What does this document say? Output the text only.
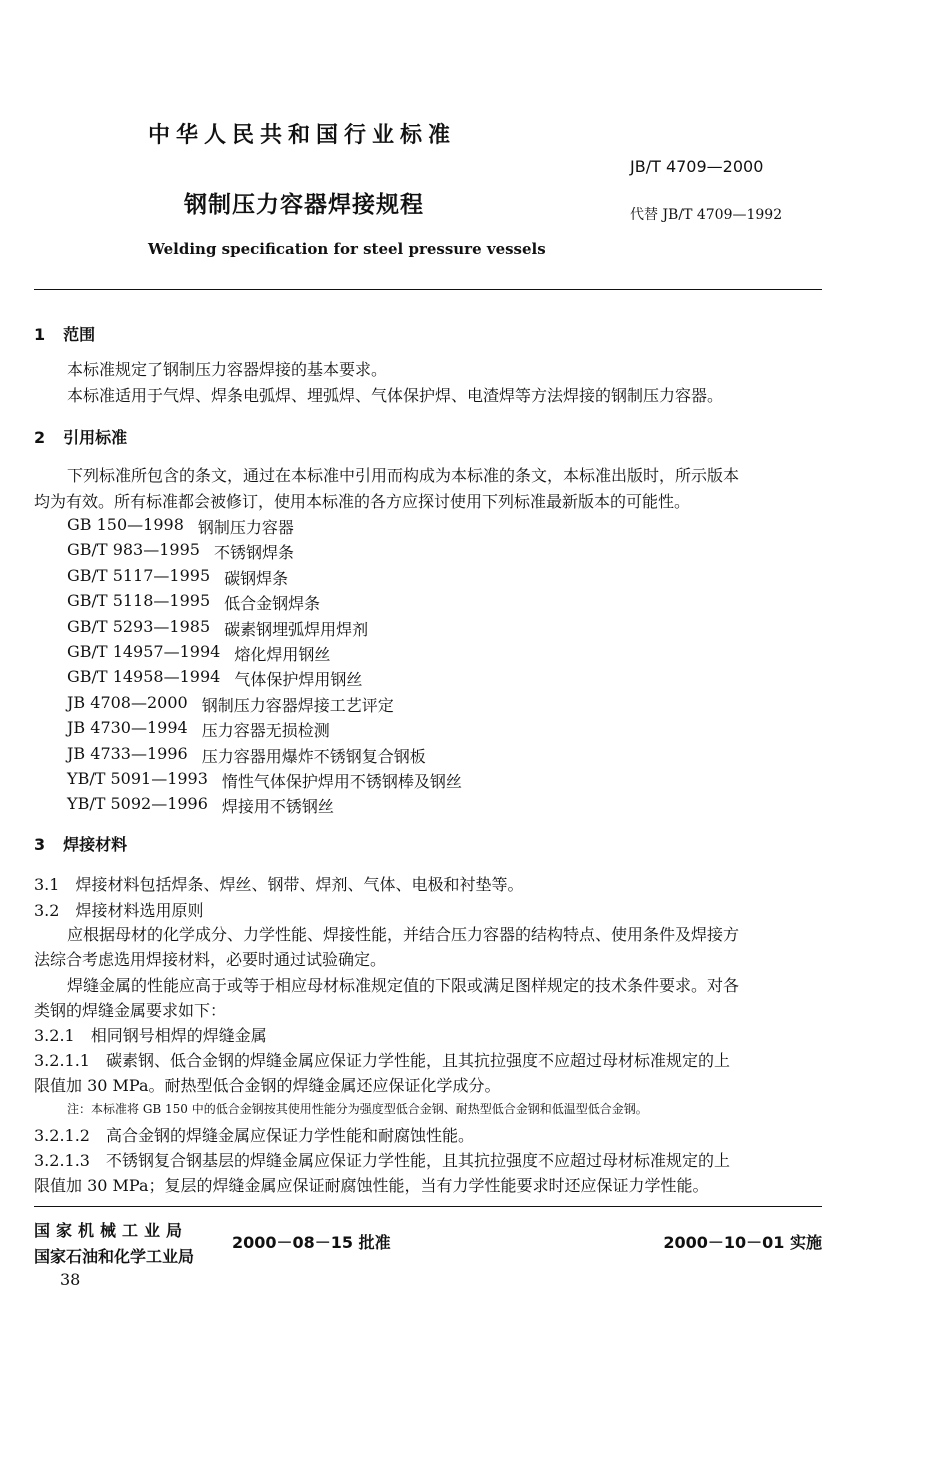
中华人民共和国行业标准
JB/T 4709—2000
钢制压力容器焊接规程	代替 JB/T 4709—1992
Welding specification for steel pressure vessels
1 范围
本标准规定了钢制压力容器焊接的基本要求。
本标准适用于气焊、焊条电弧焊、埋弧焊、气体保护焊、电渣焊等方法焊接的钢制压力容器。
2 引用标准
下列标准所包含的条文，通过在本标准中引用而构成为本标准的条文，本标准出版时，所示版本
均为有效。所有标准都会被修订，使用本标准的各方应探讨使用下列标准最新版本的可能性。
GB 150—1998 钢制压力容器
GB/T 983—1995 不锈钢焊条
GB/T 5117—1995 碳钢焊条
GB/T 5118—1995 低合金钢焊条
GB/T 5293—1985 碳素钢埋弧焊用焊剂
GB/T 14957—1994 熔化焊用钢丝
GB/T 14958—1994 气体保护焊用钢丝
JB 4708—2000 钢制压力容器焊接工艺评定
JB 4730—1994 压力容器无损检测
JB 4733—1996 压力容器用爆炸不锈钢复合钢板
YB/T 5091—1993 惰性气体保护焊用不锈钢棒及钢丝
YB/T 5092—1996 焊接用不锈钢丝
3 焊接材料
3.1　焊接材料包括焊条、焊丝、钢带、焊剂、气体、电极和衬垫等。
3.2　焊接材料选用原则
应根据母材的化学成分、力学性能、焊接性能，并结合压力容器的结构特点、使用条件及焊接方
法综合考虑选用焊接材料，必要时通过试验确定。
焊缝金属的性能应高于或等于相应母材标准规定值的下限或满足图样规定的技术条件要求。对各
类钢的焊缝金属要求如下：
3.2.1　相同钢号相焊的焊缝金属
3.2.1.1　碳素钢、低合金钢的焊缝金属应保证力学性能，且其抗拉强度不应超过母材标准规定的上
限值加 30 MPa。耐热型低合金钢的焊缝金属还应保证化学成分。
注：本标准将 GB 150 中的低合金钢按其使用性能分为强度型低合金钢、耐热型低合金钢和低温型低合金钢。
3.2.1.2　高合金钢的焊缝金属应保证力学性能和耐腐蚀性能。
3.2.1.3　不锈钢复合钢基层的焊缝金属应保证力学性能，且其抗拉强度不应超过母材标准规定的上
限值加 30 MPa；复层的焊缝金属应保证耐腐蚀性能，当有力学性能要求时还应保证力学性能。
国家机械工业局
国家石油和化学工业局
2000－08－15 批准	2000－10－01 实施
38
